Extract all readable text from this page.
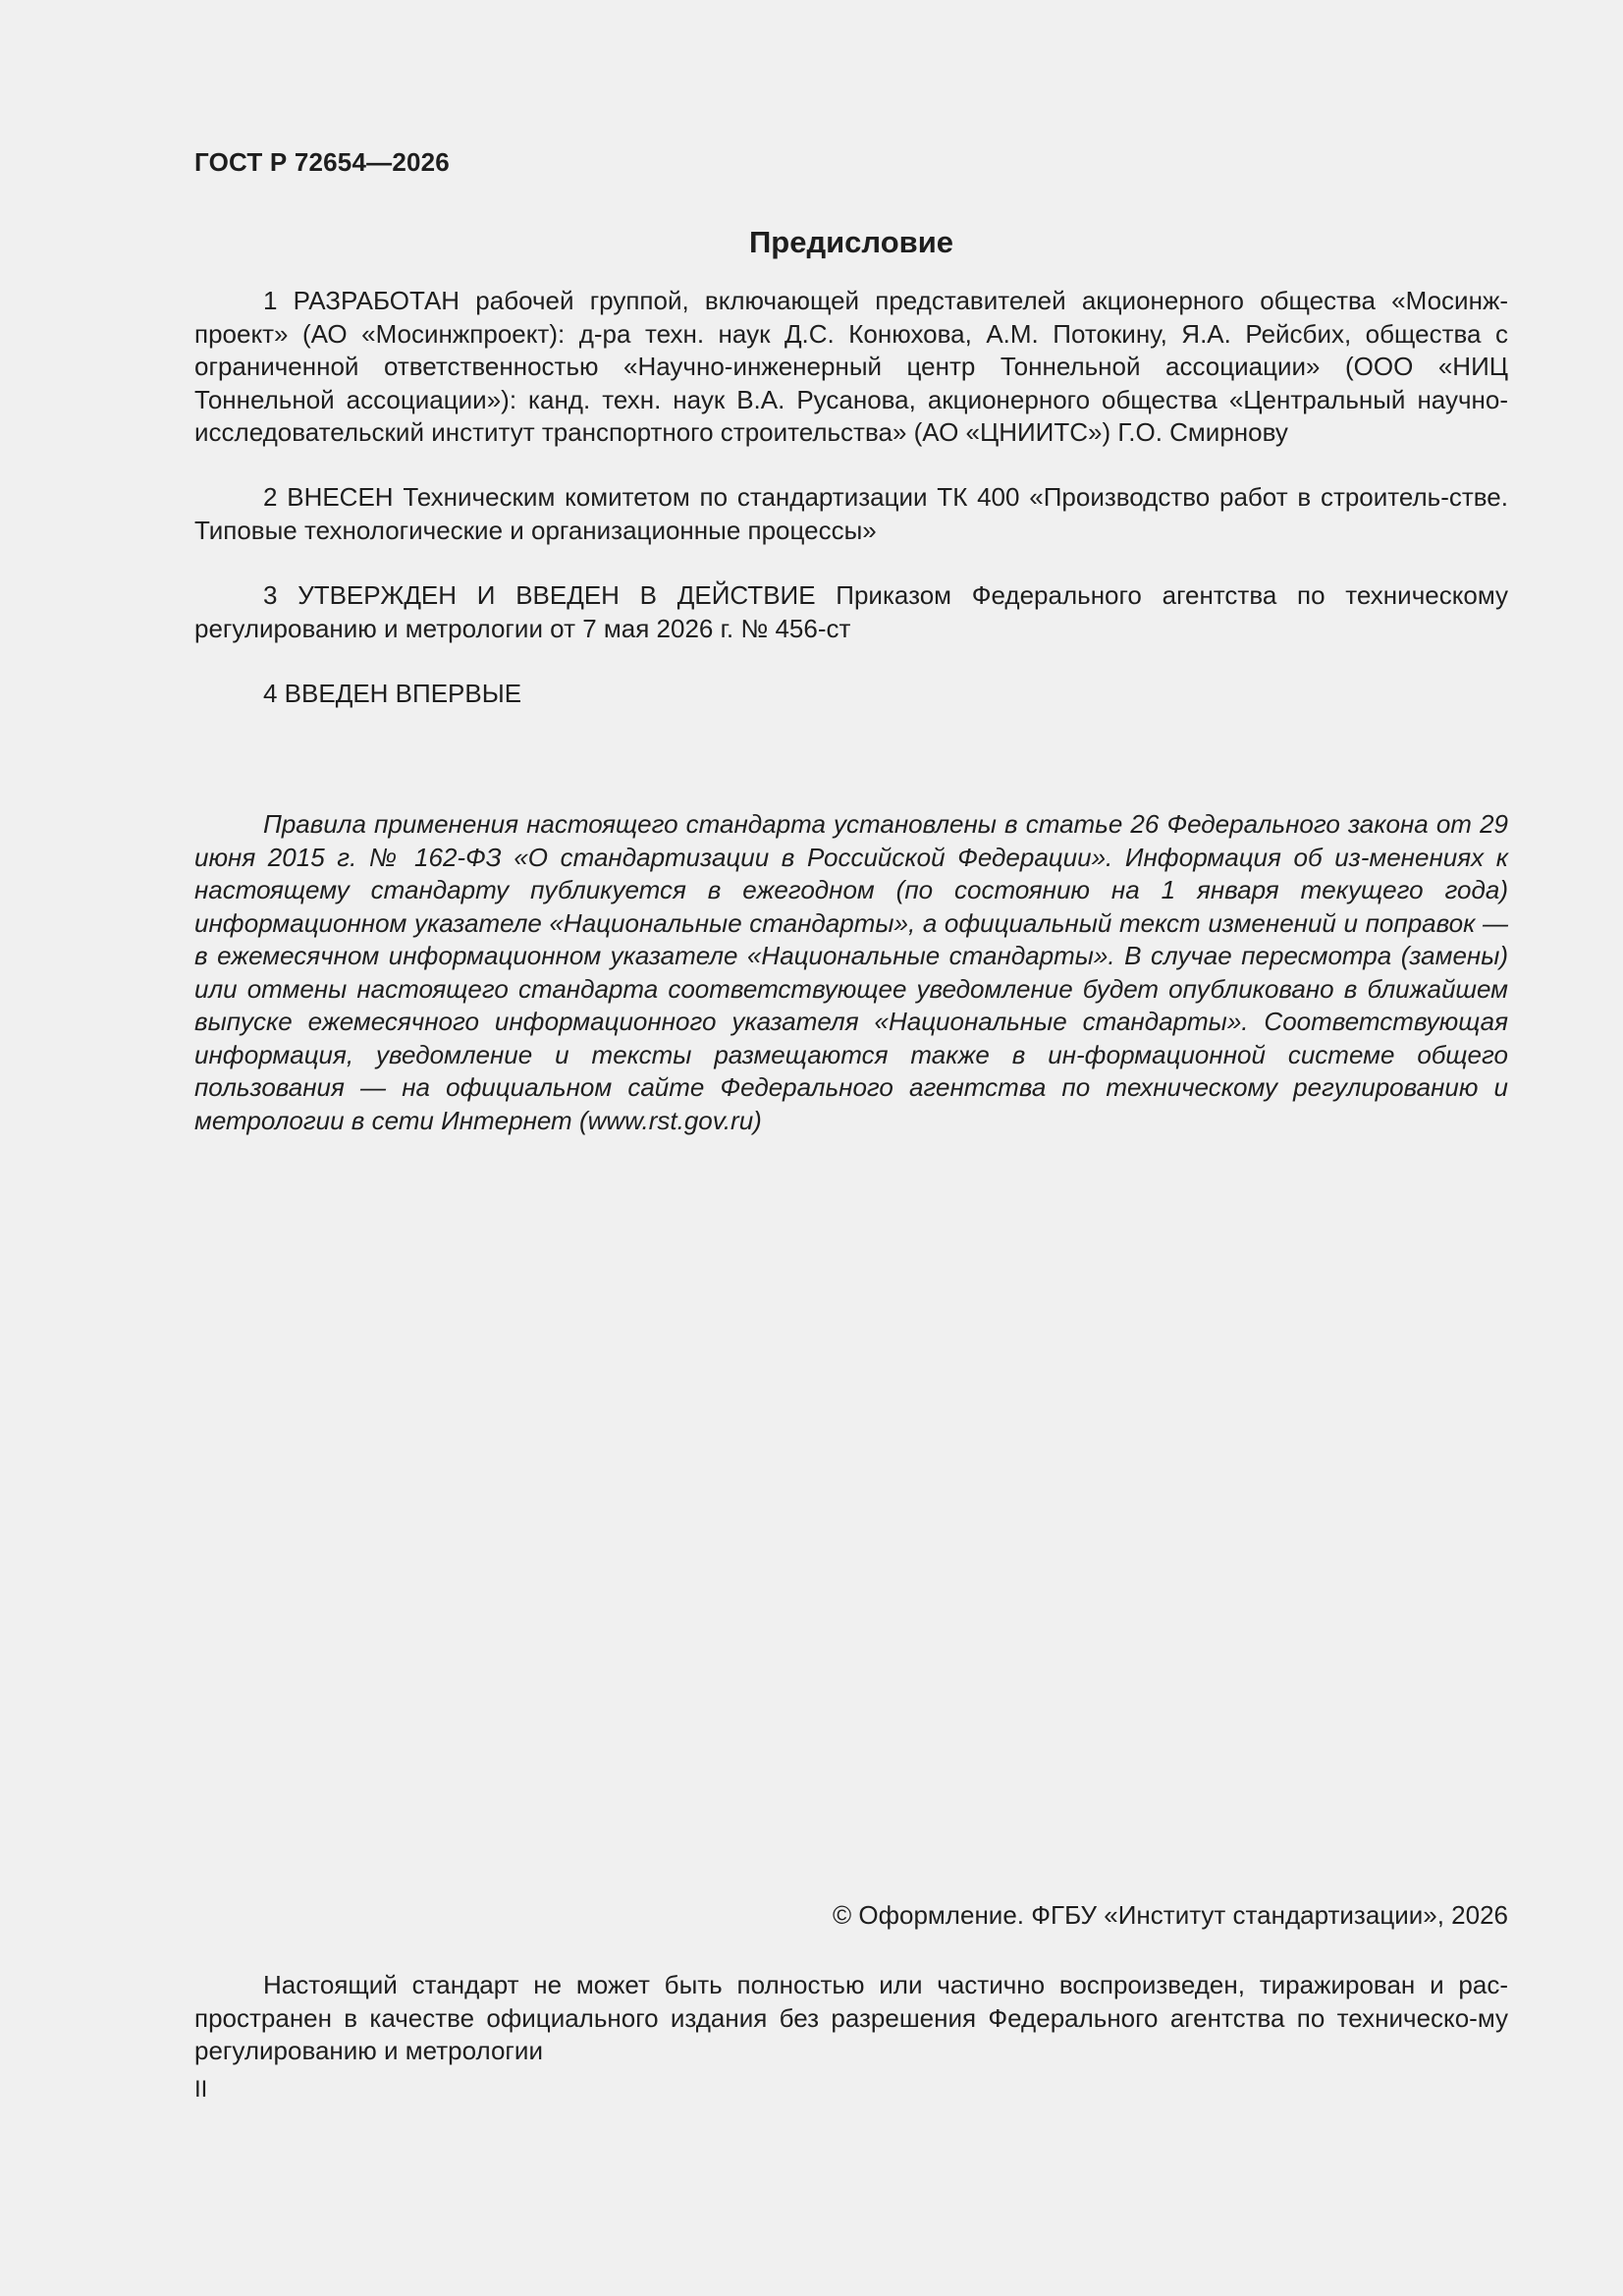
ГОСТ Р 72654—2026
Предисловие

1 РАЗРАБОТАН рабочей группой, включающей представителей акционерного общества «Мосинж-проект» (АО «Мосинжпроект): д-ра техн. наук Д.С. Конюхова, А.М. Потокину, Я.А. Рейсбих, общества с ограниченной ответственностью «Научно-инженерный центр Тоннельной ассоциации» (ООО «НИЦ Тоннельной ассоциации»): канд. техн. наук В.А. Русанова, акционерного общества «Центральный научно-исследовательский институт транспортного строительства» (АО «ЦНИИТС») Г.О. Смирнову

2 ВНЕСЕН Техническим комитетом по стандартизации ТК 400 «Производство работ в строитель-стве. Типовые технологические и организационные процессы»

3 УТВЕРЖДЕН И ВВЕДЕН В ДЕЙСТВИЕ Приказом Федерального агентства по техническому регулированию и метрологии от 7 мая 2026 г. № 456-ст

4 ВВЕДЕН ВПЕРВЫЕ

Правила применения настоящего стандарта установлены в статье 26 Федерального закона от 29 июня 2015 г. № 162-ФЗ «О стандартизации в Российской Федерации». Информация об из-менениях к настоящему стандарту публикуется в ежегодном (по состоянию на 1 января текущего года) информационном указателе «Национальные стандарты», а официальный текст изменений и поправок — в ежемесячном информационном указателе «Национальные стандарты». В случае пересмотра (замены) или отмены настоящего стандарта соответствующее уведомление будет опубликовано в ближайшем выпуске ежемесячного информационного указателя «Национальные стандарты». Соответствующая информация, уведомление и тексты размещаются также в ин-формационной системе общего пользования — на официальном сайте Федерального агентства по техническому регулированию и метрологии в сети Интернет (www.rst.gov.ru)

© Оформление. ФГБУ «Институт стандартизации», 2026

Настоящий стандарт не может быть полностью или частично воспроизведен, тиражирован и рас-пространен в качестве официального издания без разрешения Федерального агентства по техническо-му регулированию и метрологии

II
